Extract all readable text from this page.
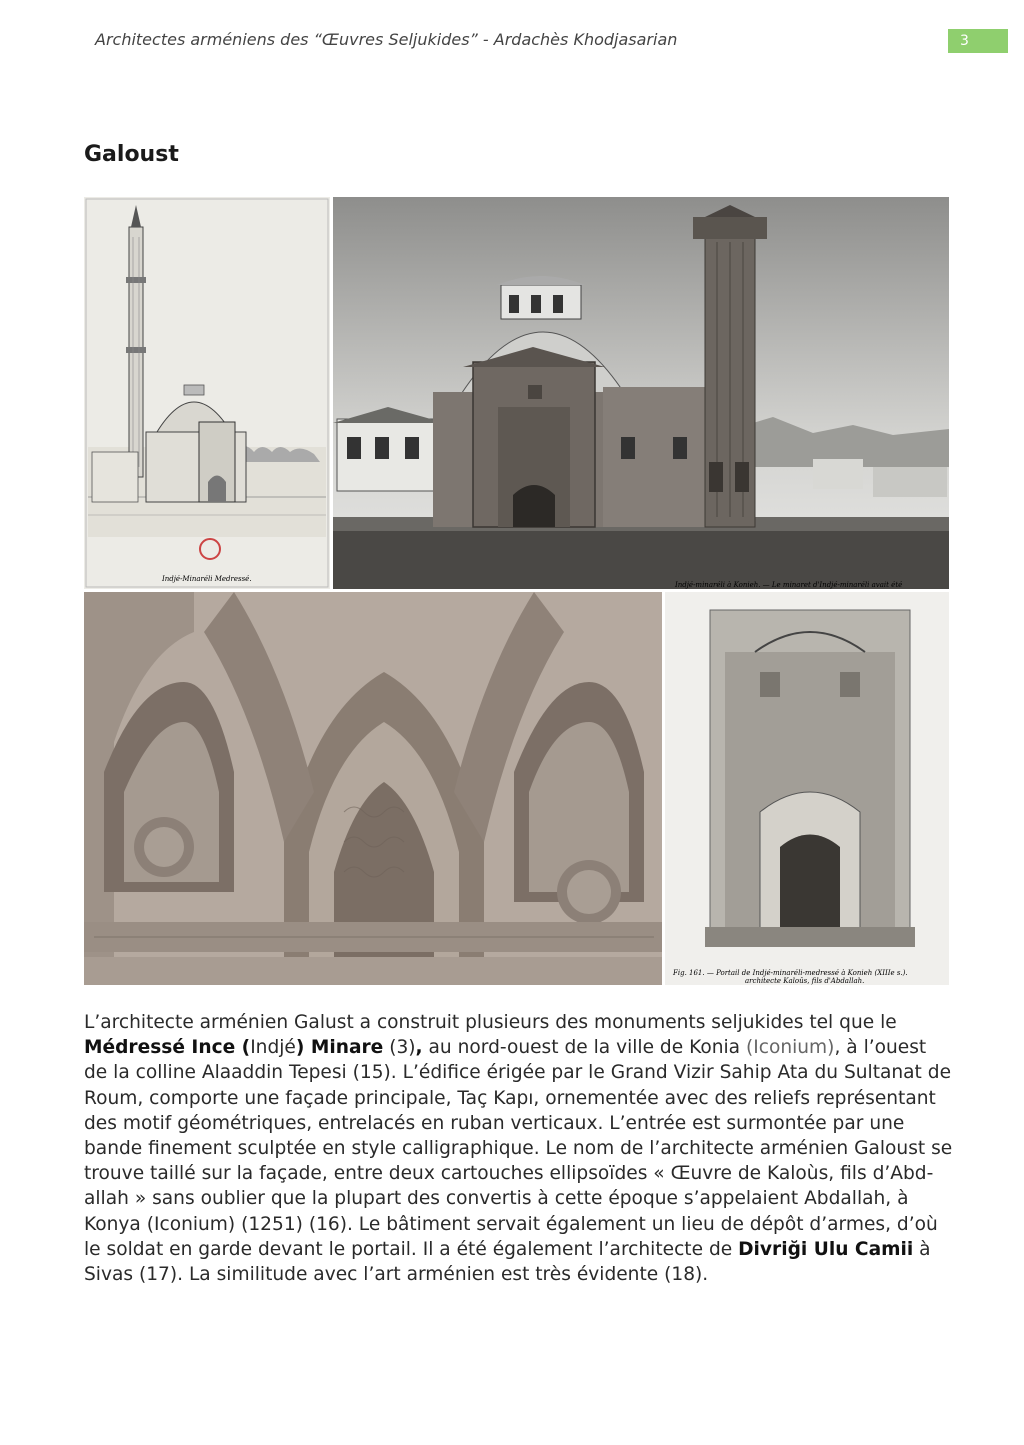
Architectes arméniens des “Œuvres Seljukides” - Ardachès Khodjasarian	3
Galoust
Indjé-Minaréli Medressé.
Indjé-minaréli à Konieh. — Le minaret d'Indjé-minaréli avait été
Fig. 161. — Portail de Indjé-minaréli-medressé à Konieh (XIIIe s.).
architecte Kaloûs, fils d'Abdallah.
L’architecte arménien Galust a construit plusieurs des monuments seljukides tel que le Médressé Ince (Indjé) Minare (3), au nord-ouest de la ville de Konia (Iconium), à l’ouest de la colline Alaaddin Tepesi (15). L’édifice érigée par le Grand Vizir Sahip Ata du Sultanat de Roum, comporte une façade principale, Taç Kapı, ornementée avec des reliefs représentant des motif géométriques, entrelacés en ruban verticaux. L’entrée est surmontée par une bande finement sculptée en style calligraphique. Le nom de l’architecte arménien Galoust se trouve taillé sur la façade, entre deux cartouches ellipsoïdes « Œuvre de Kaloùs, fils d’Abd-allah » sans oublier que la plupart des convertis à cette époque s’appelaient Abdallah, à Konya (Iconium) (1251) (16). Le bâtiment servait également un lieu de dépôt d’armes, d’où le soldat en garde devant le portail. Il a été également l’architecte de Divriği Ulu Camii à Sivas (17). La similitude avec l’art arménien est très évidente (18).
